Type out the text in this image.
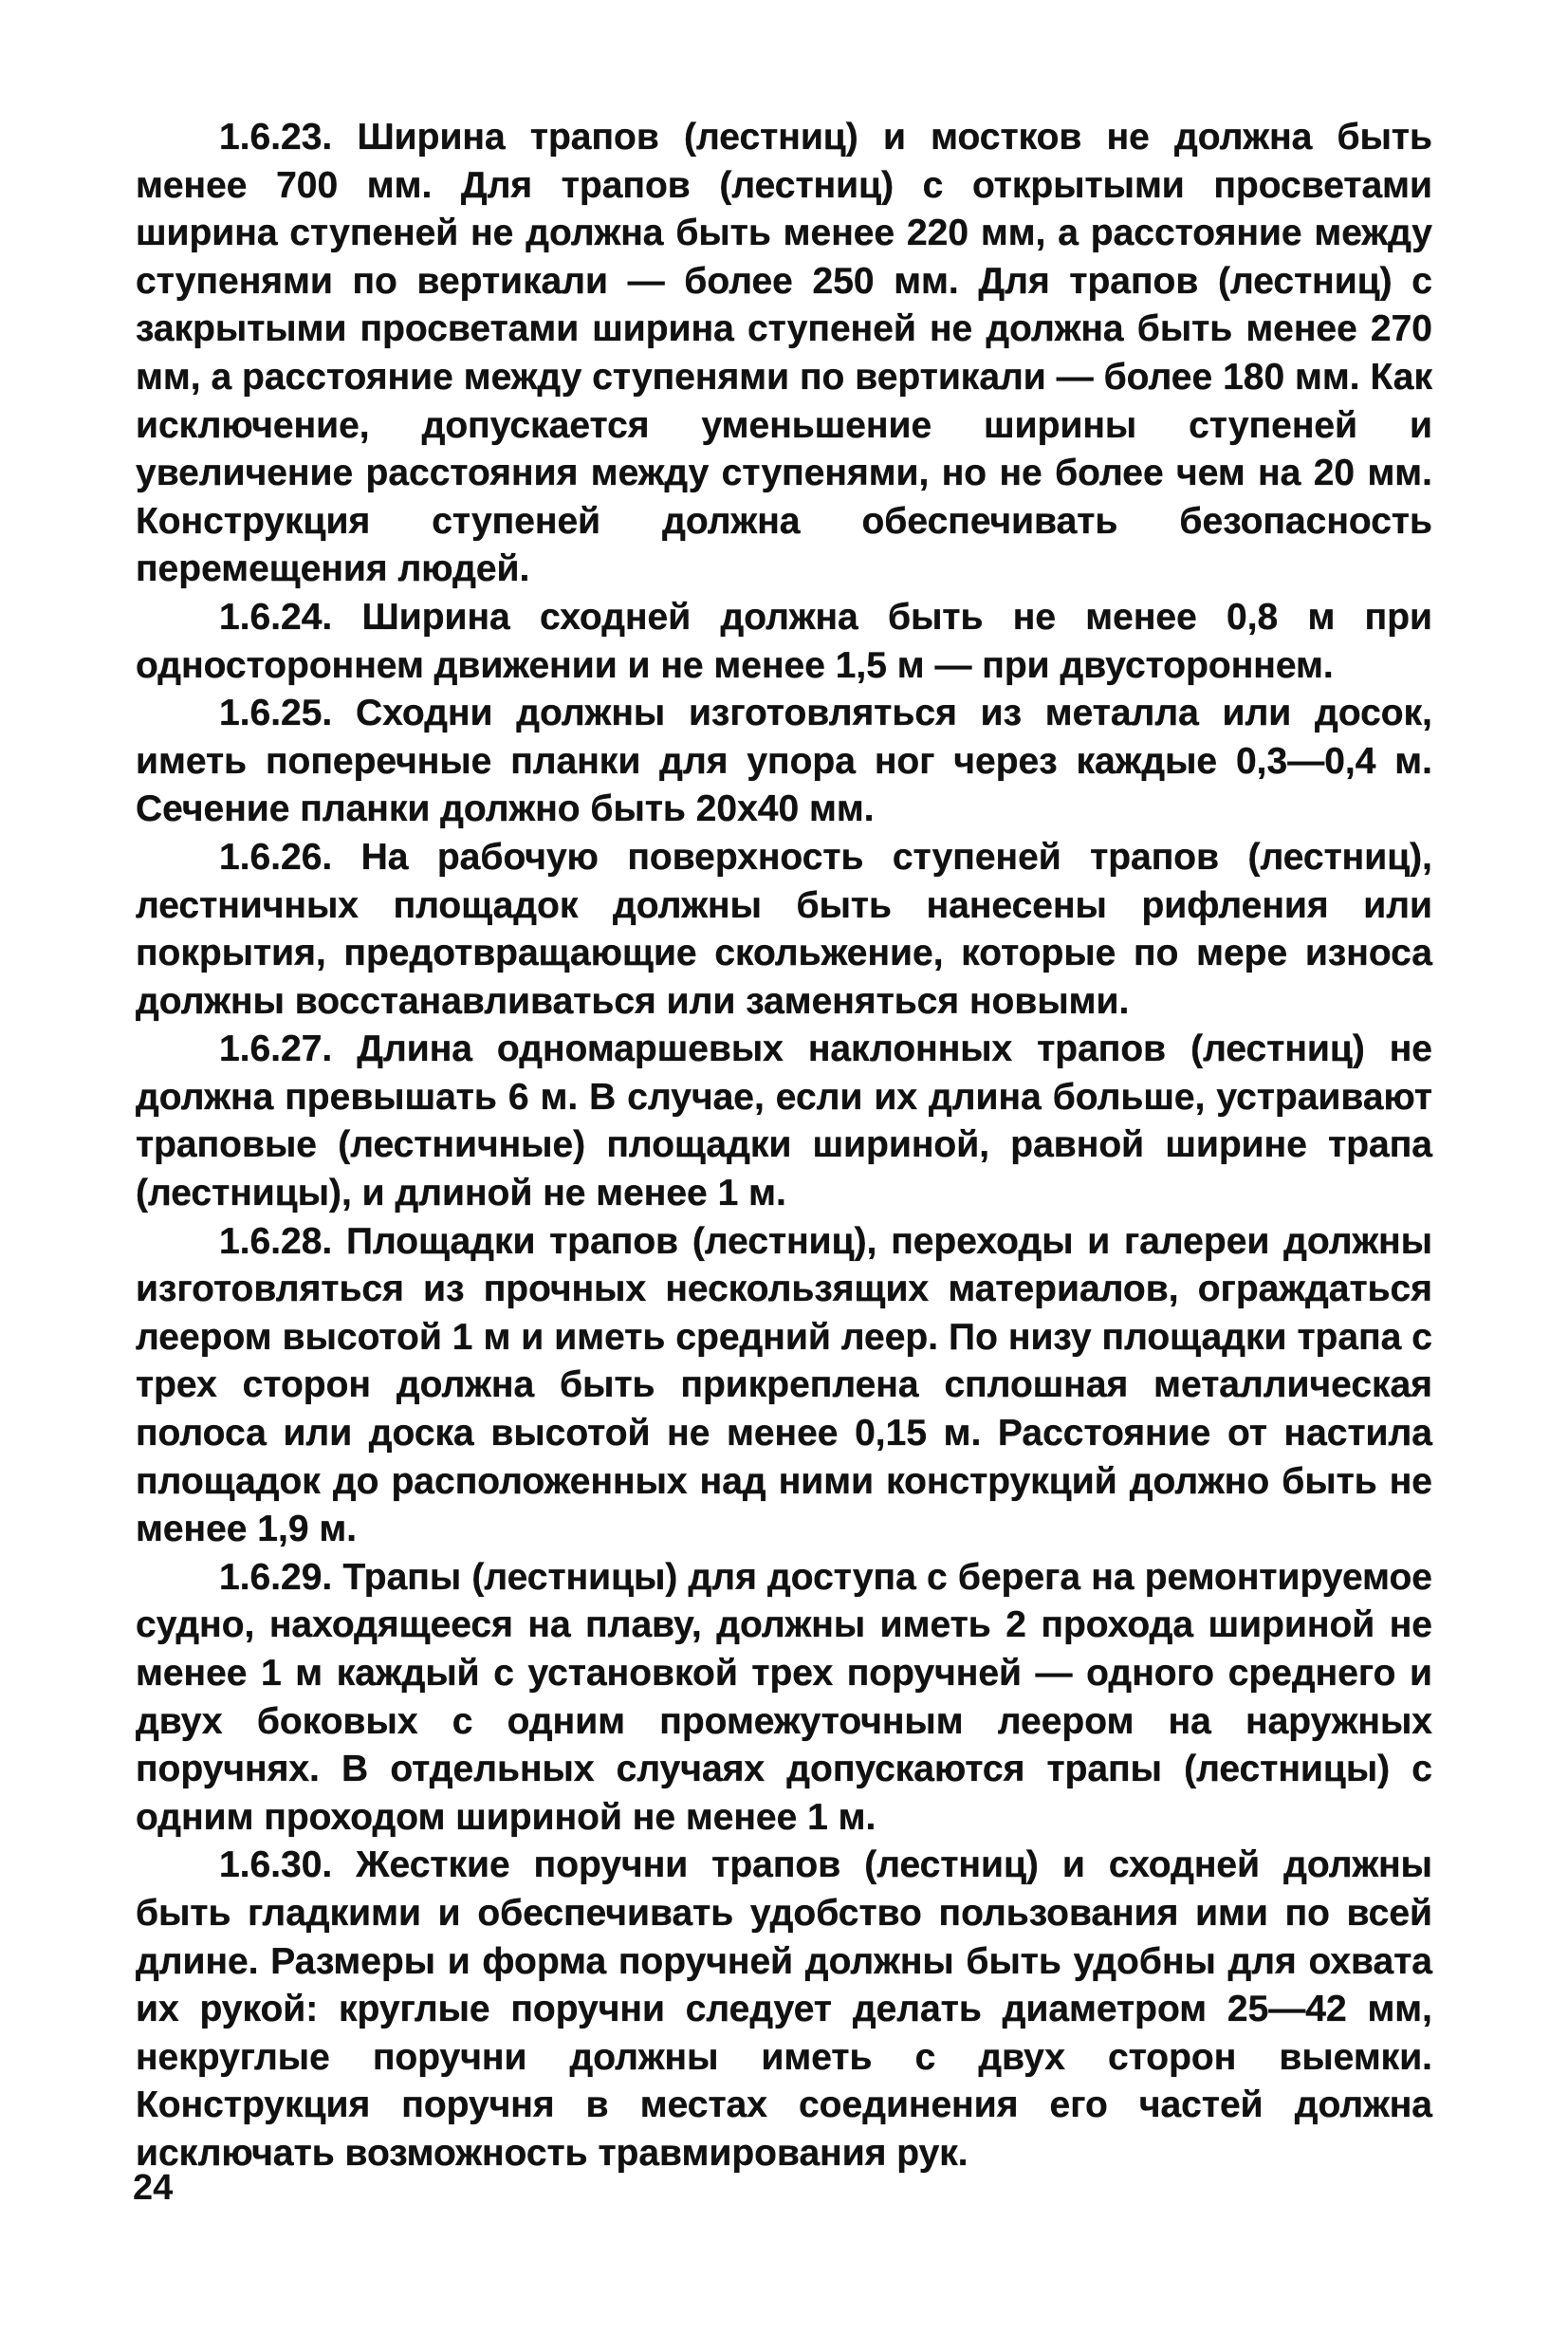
1.6.23. Ширина трапов (лестниц) и мостков не должна быть менее 700 мм. Для трапов (лестниц) с открытыми просветами ширина ступеней не должна быть менее 220 мм, а расстояние между ступенями по вертикали — более 250 мм. Для трапов (лестниц) с закрытыми просветами ширина ступеней не должна быть менее 270 мм, а расстояние между ступенями по вертикали — более 180 мм. Как исключение, допускается уменьшение ширины ступеней и увеличение расстояния между ступенями, но не более чем на 20 мм. Конструкция ступеней должна обеспечивать безопасность перемещения людей.

1.6.24. Ширина сходней должна быть не менее 0,8 м при одностороннем движении и не менее 1,5 м — при двустороннем.

1.6.25. Сходни должны изготовляться из металла или досок, иметь поперечные планки для упора ног через каждые 0,3—0,4 м. Сечение планки должно быть 20x40 мм.

1.6.26. На рабочую поверхность ступеней трапов (лестниц), лестничных площадок должны быть нанесены рифления или покрытия, предотвращающие скольжение, которые по мере износа должны восстанавливаться или заменяться новыми.

1.6.27. Длина одномаршевых наклонных трапов (лестниц) не должна превышать 6 м. В случае, если их длина больше, устраивают трапoвые (лестничные) площадки шириной, равной ширине трапа (лестницы), и длиной не менее 1 м.

1.6.28. Площадки трапов (лестниц), переходы и галереи должны изготовляться из прочных нескользящих материалов, ограждаться леером высотой 1 м и иметь средний леер. По низу площадки трапа с трех сторон должна быть прикреплена сплошная металлическая полоса или доска высотой не менее 0,15 м. Расстояние от настила площадок до расположенных над ними конструкций должно быть не менее 1,9 м.

1.6.29. Трапы (лестницы) для доступа с берега на ремонтируемое судно, находящееся на плаву, должны иметь 2 прохода шириной не менее 1 м каждый с установкой трех поручней — одного среднего и двух боковых с одним промежуточным леером на наружных поручнях. В отдельных случаях допускаются трапы (лестницы) с одним проходом шириной не менее 1 м.

1.6.30. Жесткие поручни трапов (лестниц) и сходней должны быть гладкими и обеспечивать удобство пользования ими по всей длине. Размеры и форма поручней должны быть удобны для охвата их рукой: круглые поручни следует делать диаметром 25—42 мм, некруглые поручни должны иметь с двух сторон выемки. Конструкция поручня в местах соединения его частей должна исключать возможность травмирования рук.

24
